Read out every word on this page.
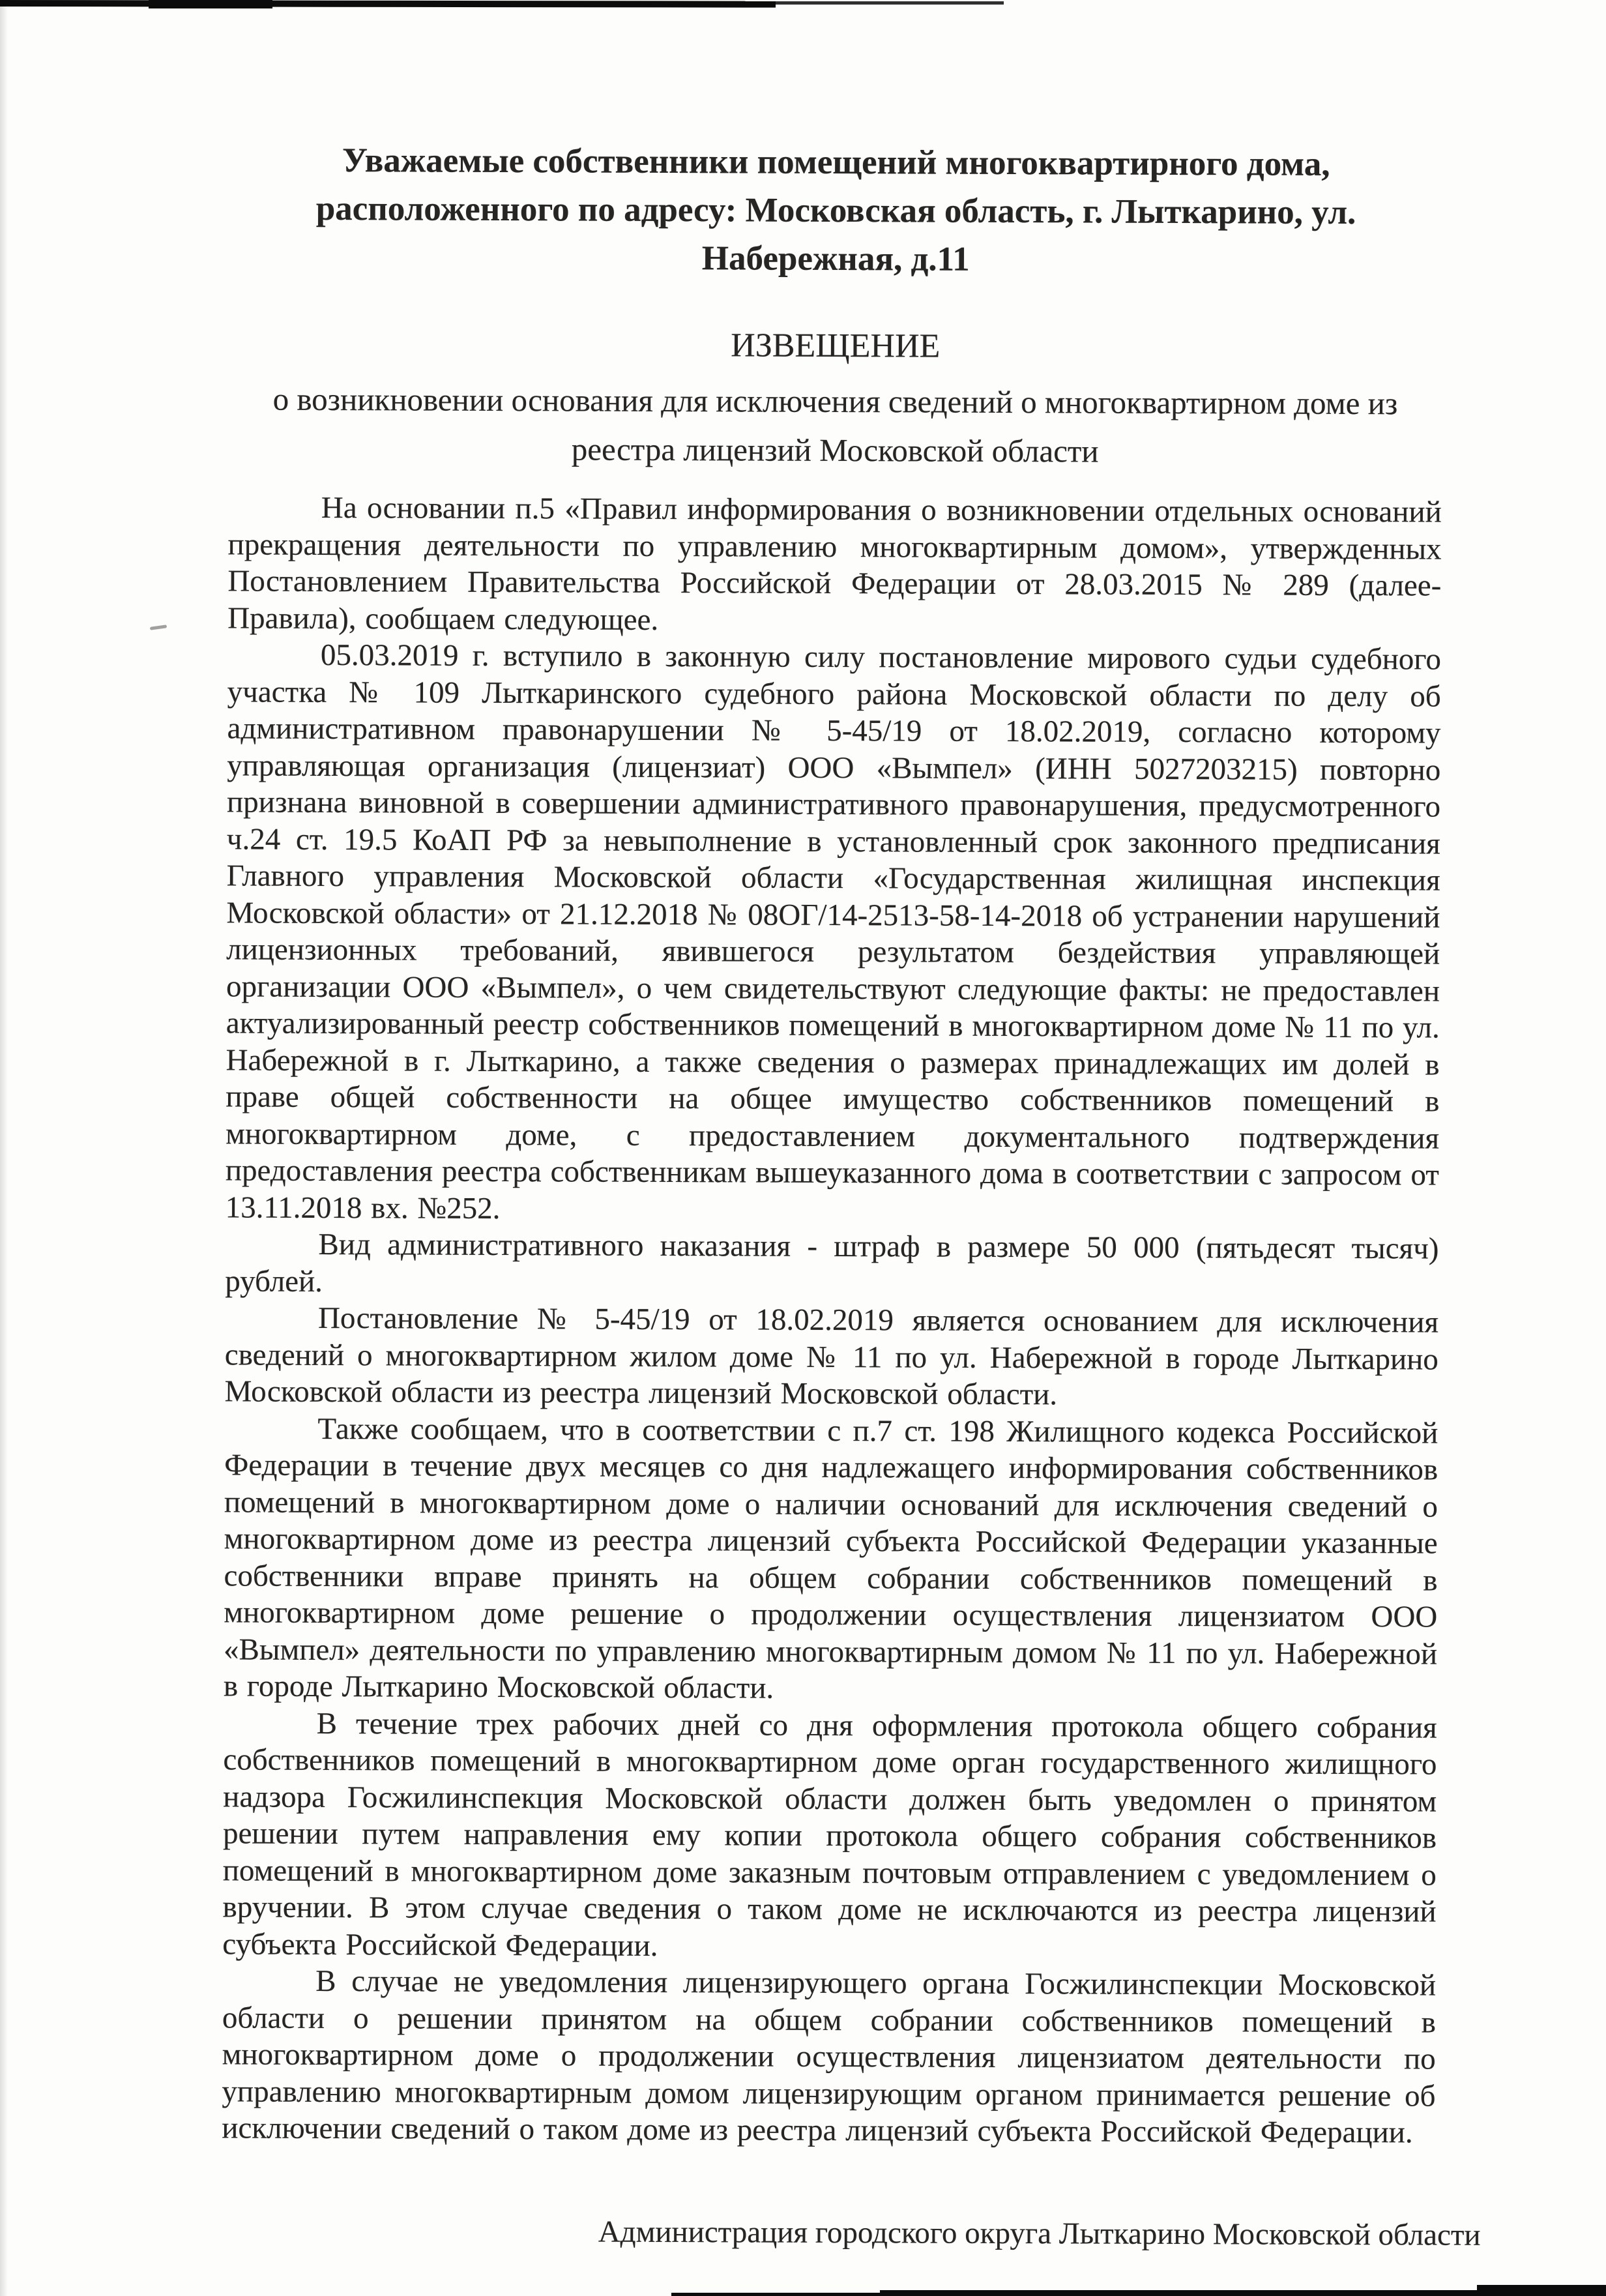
Уважаемые собственники помещений многоквартирного дома, расположенного по адресу: Московская область, г. Лыткарино, ул. Набережная, д.11

ИЗВЕЩЕНИЕ

о возникновении основания для исключения сведений о многоквартирном доме из реестра лицензий Московской области

На основании п.5 «Правил информирования о возникновении отдельных оснований прекращения деятельности по управлению многоквартирным домом», утвержденных Постановлением Правительства Российской Федерации от 28.03.2015 № 289 (далее- Правила), сообщаем следующее.

05.03.2019 г. вступило в законную силу постановление мирового судьи судебного участка № 109 Лыткаринского судебного района Московской области по делу об административном правонарушении № 5-45/19 от 18.02.2019, согласно которому управляющая организация (лицензиат) ООО «Вымпел» (ИНН 5027203215) повторно признана виновной в совершении административного правонарушения, предусмотренного ч.24 ст. 19.5 КоАП РФ за невыполнение в установленный срок законного предписания Главного управления Московской области «Государственная жилищная инспекция Московской области» от 21.12.2018 № 08ОГ/14-2513-58-14-2018 об устранении нарушений лицензионных требований, явившегося результатом бездействия управляющей организации ООО «Вымпел», о чем свидетельствуют следующие факты: не предоставлен актуализированный реестр собственников помещений в многоквартирном доме № 11 по ул. Набережной в г. Лыткарино, а также сведения о размерах принадлежащих им долей в праве общей собственности на общее имущество собственников помещений в многоквартирном доме, с предоставлением документального подтверждения предоставления реестра собственникам вышеуказанного дома в соответствии с запросом от 13.11.2018 вх. №252.

Вид административного наказания - штраф в размере 50 000 (пятьдесят тысяч) рублей.

Постановление № 5-45/19 от 18.02.2019 является основанием для исключения сведений о многоквартирном жилом доме № 11 по ул. Набережной в городе Лыткарино Московской области из реестра лицензий Московской области.

Также сообщаем, что в соответствии с п.7 ст. 198 Жилищного кодекса Российской Федерации в течение двух месяцев со дня надлежащего информирования собственников помещений в многоквартирном доме о наличии оснований для исключения сведений о многоквартирном доме из реестра лицензий субъекта Российской Федерации указанные собственники вправе принять на общем собрании собственников помещений в многоквартирном доме решение о продолжении осуществления лицензиатом ООО «Вымпел» деятельности по управлению многоквартирным домом № 11 по ул. Набережной в городе Лыткарино Московской области.

В течение трех рабочих дней со дня оформления протокола общего собрания собственников помещений в многоквартирном доме орган государственного жилищного надзора Госжилинспекция Московской области должен быть уведомлен о принятом решении путем направления ему копии протокола общего собрания собственников помещений в многоквартирном доме заказным почтовым отправлением с уведомлением о вручении. В этом случае сведения о таком доме не исключаются из реестра лицензий субъекта Российской Федерации.

В случае не уведомления лицензирующего органа Госжилинспекции Московской области о решении принятом на общем собрании собственников помещений в многоквартирном доме о продолжении осуществления лицензиатом деятельности по управлению многоквартирным домом лицензирующим органом принимается решение об исключении сведений о таком доме из реестра лицензий субъекта Российской Федерации.

Администрация городского округа Лыткарино Московской области
